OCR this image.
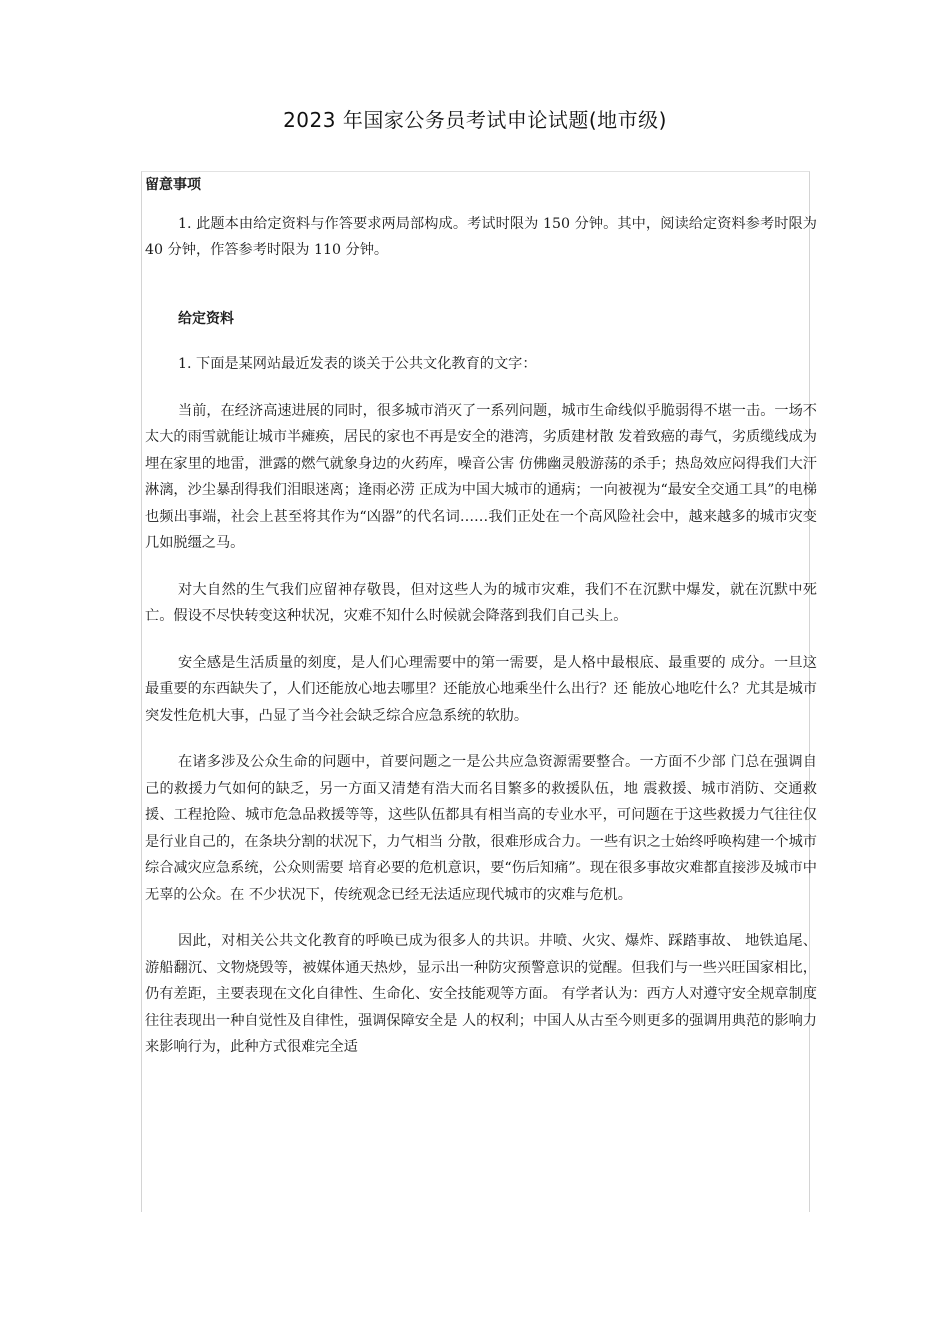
2023 年国家公务员考试申论试题(地市级)

留意事项

1. 此题本由给定资料与作答要求两局部构成。考试时限为 150 分钟。其中，阅读给定资料参考时限为 40 分钟，作答参考时限为 110 分钟。

给定资料

1. 下面是某网站最近发表的谈关于公共文化教育的文字：

当前，在经济高速进展的同时，很多城市消灭了一系列问题，城市生命线似乎脆弱得不堪一击。一场不太大的雨雪就能让城市半瘫痪，居民的家也不再是安全的港湾，劣质建材散 发着致癌的毒气，劣质缆线成为埋在家里的地雷，泄露的燃气就象身边的火药库，噪音公害 仿佛幽灵般游荡的杀手；热岛效应闷得我们大汗淋漓，沙尘暴刮得我们泪眼迷离；逢雨必涝 正成为中国大城市的通病；一向被视为“最安全交通工具”的电梯也频出事端，社会上甚至将其作为“凶器”的代名词……我们正处在一个高风险社会中，越来越多的城市灾变几如脱缰之马。

对大自然的生气我们应留神存敬畏，但对这些人为的城市灾难，我们不在沉默中爆发，就在沉默中死亡。假设不尽快转变这种状况，灾难不知什么时候就会降落到我们自己头上。

安全感是生活质量的刻度，是人们心理需要中的第一需要，是人格中最根底、最重要的 成分。一旦这最重要的东西缺失了，人们还能放心地去哪里？还能放心地乘坐什么出行？还 能放心地吃什么？尤其是城市突发性危机大事，凸显了当今社会缺乏综合应急系统的软肋。

在诸多涉及公众生命的问题中，首要问题之一是公共应急资源需要整合。一方面不少部 门总在强调自己的救援力气如何的缺乏，另一方面又清楚有浩大而名目繁多的救援队伍，地 震救援、城市消防、交通救援、工程抢险、城市危急品救援等等，这些队伍都具有相当高的专业水平，可问题在于这些救援力气往往仅是行业自己的，在条块分割的状况下，力气相当 分散，很难形成合力。一些有识之士始终呼唤构建一个城市综合减灾应急系统，公众则需要 培育必要的危机意识，要“伤后知痛”。现在很多事故灾难都直接涉及城市中无辜的公众。在 不少状况下，传统观念已经无法适应现代城市的灾难与危机。

因此，对相关公共文化教育的呼唤已成为很多人的共识。井喷、火灾、爆炸、踩踏事故、 地铁追尾、游船翻沉、文物烧毁等，被媒体通天热炒，显示出一种防灾预警意识的觉醒。但我们与一些兴旺国家相比，仍有差距，主要表现在文化自律性、生命化、安全技能观等方面。 有学者认为：西方人对遵守安全规章制度往往表现出一种自觉性及自律性，强调保障安全是 人的权利；中国人从古至今则更多的强调用典范的影响力来影响行为，此种方式很难完全适
